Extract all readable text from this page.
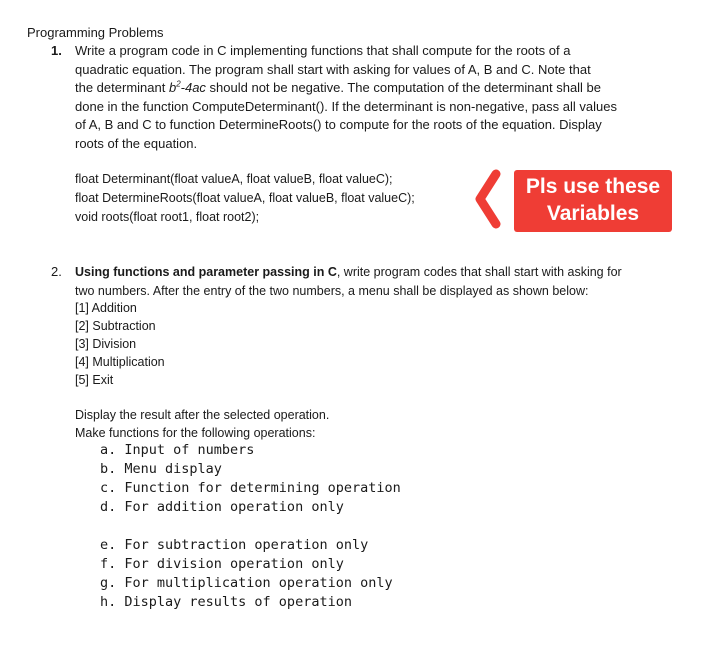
Programming Problems
1. Write a program code in C implementing functions that shall compute for the roots of a
quadratic equation. The program shall start with asking for values of A, B and C. Note that
the determinant $b^2-4ac$ should not be negative. The computation of the determinant shall be
done in the function ComputeDeterminant(). If the determinant is non-negative, pass all values
of A, B and C to function DetermineRoots() to compute for the roots of the equation. Display
roots of the equation.
float Determinant(float valueA, float valueB, float valueC);
float DetermineRoots(float valueA, float valueB, float valueC);
void roots(float root1, float root2);
Pls use these
Variables
2. Using functions and parameter passing in C, write program codes that shall start with asking for
two numbers. After the entry of the two numbers, a menu shall be displayed as shown below:
[1] Addition
[2] Subtraction
[3] Division
[4] Multiplication
[5] Exit
Display the result after the selected operation.
Make functions for the following operations:
a. Input of numbers
b. Menu display
c. Function for determining operation
d. For addition operation only
e. For subtraction operation only
f. For division operation only
g. For multiplication operation only
h. Display results of operation
